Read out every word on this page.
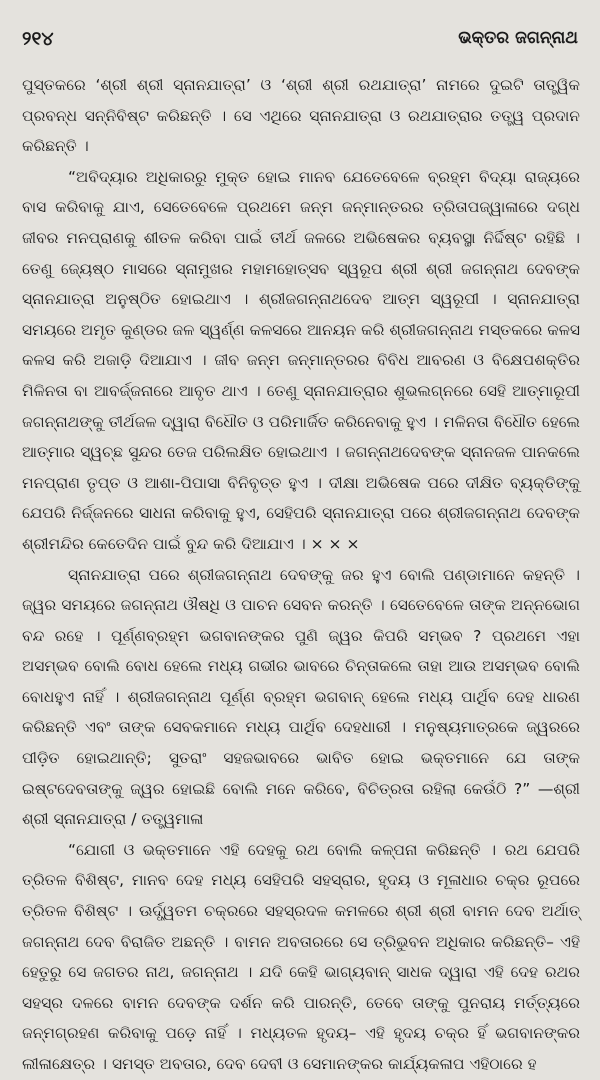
୨୧୪	ଭକ୍ତର ଜଗନ୍ନାଥ

ପୁସ୍ତକରେ ‘ଶ୍ରୀ ଶ୍ରୀ ସ୍ନାନଯାତ୍ରା’ ଓ ‘ଶ୍ରୀ ଶ୍ରୀ ରଥଯାତ୍ରା’ ନାମରେ ଦୁଇଟି ତାତ୍ତ୍ୱିକ ପ୍ରବନ୍ଧ ସନ୍ନିବିଷ୍ଟ କରିଛନ୍ତି । ସେ ଏଥିରେ ସ୍ନାନଯାତ୍ରା ଓ ରଥଯାତ୍ରାର ତତ୍ତ୍ୱ ପ୍ରଦାନ କରିଛନ୍ତି ।

“ଅବିଦ୍ୟାର ଅଧିକାରରୁ ମୁକ୍ତ ହୋଇ ମାନବ ଯେତେବେଳେ ବ୍ରହ୍ମ ବିଦ୍ୟା ରାଜ୍ୟରେ ବାସ କରିବାକୁ ଯାଏ, ସେତେବେଳେ ପ୍ରଥମେ ଜନ୍ମ ଜନ୍ମାନ୍ତରର ତ୍ରିତାପଜ୍ୱାଳାରେ ଦଗ୍ଧ ଜୀବର ମନପ୍ରାଣକୁ ଶୀତଳ କରିବା ପାଇଁ ତୀର୍ଥ ଜଳରେ ଅଭିଷେକର ବ୍ୟବସ୍ଥା ନିର୍ଦ୍ଦିଷ୍ଟ ରହିଛି । ତେଣୁ ଜ୍ୟେଷ୍ଠ ମାସରେ ସ୍ନାମୁଖର ମହାମହୋତ୍ସବ ସ୍ୱରୂପ ଶ୍ରୀ ଶ୍ରୀ ଜଗନ୍ନାଥ ଦେବଙ୍କ ସ୍ନାନଯାତ୍ରା ଅନୁଷ୍ଠିତ ହୋଇଥାଏ । ଶ୍ରୀଜଗନ୍ନାଥଦେବ ଆତ୍ମ ସ୍ୱରୂପୀ । ସ୍ନାନଯାତ୍ରା ସମୟରେ ଅମୃତ କୁଣ୍ଡର ଜଳ ସ୍ୱର୍ଣ୍ଣ କଳସରେ ଆନୟନ କରି ଶ୍ରୀଜଗନ୍ନାଥ ମସ୍ତକରେ କଳସ କଳସ କରି ଅଜାଡ଼ି ଦିଆଯାଏ । ଜୀବ ଜନ୍ମ ଜନ୍ମାନ୍ତରର ବିବିଧ ଆବରଣ ଓ ବିକ୍ଷେପଶକ୍ତିର ମିଳିନତା ବା ଆବର୍ଜ୍ଜନାରେ ଆବୃତ ଥାଏ । ତେଣୁ ସ୍ନାନଯାତ୍ରାର ଶୁଭଲଗ୍ନରେ ସେହି ଆତ୍ମାରୂପୀ ଜଗନ୍ନାଥଙ୍କୁ ତୀର୍ଥଜଳ ଦ୍ୱାରା ବିଧୌତ ଓ ପରିମାର୍ଜିତ କରିନେବାକୁ ହୁଏ । ମଳିନତା ବିଧୌତ ହେଲେ ଆତ୍ମାର ସ୍ୱଚ୍ଛ ସୁନ୍ଦର ତେଜ ପରିଲକ୍ଷିତ ହୋଇଥାଏ । ଜଗନ୍ନାଥଦେବଙ୍କ ସ୍ନାନଜଳ ପାନକଲେ ମନପ୍ରାଣ ତୃପ୍ତ ଓ ଆଶା-ପିପାସା ବିନିବୃତ୍ତ ହୁଏ । ଦୀକ୍ଷା ଅଭିଷେକ ପରେ ଦୀକ୍ଷିତ ବ୍ୟକ୍ତିଙ୍କୁ ଯେପରି ନିର୍ଜ୍ଜନରେ ସାଧନା କରିବାକୁ ହୁଏ, ସେହିପରି ସ୍ନାନଯାତ୍ରା ପରେ ଶ୍ରୀଜଗନ୍ନାଥ ଦେବଙ୍କ ଶ୍ରୀମନ୍ଦିର କେତେଦିନ ପାଇଁ ବୁନ୍ଦ କରି ଦିଆଯାଏ । × × ×

ସ୍ନାନଯାତ୍ରା ପରେ ଶ୍ରୀଜଗନ୍ନାଥ ଦେବଙ୍କୁ ଜର ହୁଏ ବୋଲି ପଣ୍ଡାମାନେ କହନ୍ତି । ଜ୍ୱର ସମୟରେ ଜଗନ୍ନାଥ ଔଷଧି ଓ ପାଚନ ସେବନ କରନ୍ତି । ସେତେବେଳେ ତାଙ୍କ ଅନ୍ନଭୋଗ ବନ୍ଦ ରହେ । ପୂର୍ଣ୍ଣବ୍ରହ୍ମ ଭଗବାନଙ୍କର ପୁଣି ଜ୍ୱର କିପରି ସମ୍ଭବ ? ପ୍ରଥମେ ଏହା ଅସମ୍ଭବ ବୋଲି ବୋଧ ହେଲେ ମଧ୍ୟ ଗଭୀର ଭାବରେ ଚିନ୍ତାକଲେ ତାହା ଆଉ ଅସମ୍ଭବ ବୋଲି ବୋଧହୁଏ ନାହିଁ । ଶ୍ରୀଜଗନ୍ନାଥ ପୂର୍ଣ୍ଣ ବ୍ରହ୍ମ ଭଗବାନ୍ ହେଲେ ମଧ୍ୟ ପାର୍ଥିବ ଦେହ ଧାରଣ କରିଛନ୍ତି ଏବଂ ତାଙ୍କ ସେବକମାନେ ମଧ୍ୟ ପାର୍ଥିବ ଦେହଧାରୀ । ମନୁଷ୍ୟମାତ୍ରକେ ଜ୍ୱରରେ ପୀଡ଼ିତ ହୋଇଥାନ୍ତି; ସୁତରାଂ ସହଜଭାବରେ ଭାବିତ ହୋଇ ଭକ୍ତମାନେ ଯେ ତାଙ୍କ ଇଷ୍ଟଦେବତାଙ୍କୁ ଜ୍ୱର ହୋଇଛି ବୋଲି ମନେ କରିବେ, ବିଚିତ୍ରତା ରହିଲା କେଉଁଠି ?” —ଶ୍ରୀ ଶ୍ରୀ ସ୍ନାନଯାତ୍ରା / ତତ୍ତ୍ୱମାଳା

“ଯୋଗୀ ଓ ଭକ୍ତମାନେ ଏହି ଦେହକୁ ରଥ ବୋଲି କଳ୍ପନା କରିଛନ୍ତି । ରଥ ଯେପରି ତ୍ରିତଳ ବିଶିଷ୍ଟ, ମାନବ ଦେହ ମଧ୍ୟ ସେହିପରି ସହସ୍ରାର, ହୃଦୟ ଓ ମୂଳାଧାର ଚକ୍ର ରୂପରେ ତ୍ରିତଳ ବିଶିଷ୍ଟ । ଊର୍ଦ୍ଧ୍ୱତମ ଚକ୍ରରେ ସହସ୍ରଦଳ କମଳରେ ଶ୍ରୀ ଶ୍ରୀ ବାମନ ଦେବ ଅର୍ଥାତ୍ ଜଗନ୍ନାଥ ଦେବ ବିରାଜିତ ଅଛନ୍ତି । ବାମନ ଅବତାରରେ ସେ ତ୍ରିଭୁବନ ଅଧିକାର କରିଛନ୍ତି– ଏହି ହେତୁରୁ ସେ ଜଗତର ନାଥ, ଜଗନ୍ନାଥ । ଯଦି କେହି ଭାଗ୍ୟବାନ୍ ସାଧକ ଦ୍ୱାରା ଏହି ଦେହ ରଥର ସହସ୍ର ଦଳରେ ବାମନ ଦେବଙ୍କ ଦର୍ଶନ କରି ପାରନ୍ତି, ତେବେ ତାଙ୍କୁ ପୁନରାୟ ମର୍ତ୍ତ୍ୟରେ ଜନ୍ମଗ୍ରହଣ କରିବାକୁ ପଡ଼େ ନାହିଁ । ମଧ୍ୟତଳ ହୃଦୟ– ଏହି ହୃଦୟ ଚକ୍ର ହିଁ ଭଗବାନଙ୍କର ଲୀଳାକ୍ଷେତ୍ର । ସମସ୍ତ ଅବତାର, ଦେବ ଦେବୀ ଓ ସେମାନଙ୍କର କାର୍ଯ୍ୟକଳାପ ଏହିଠାରେ ହ
